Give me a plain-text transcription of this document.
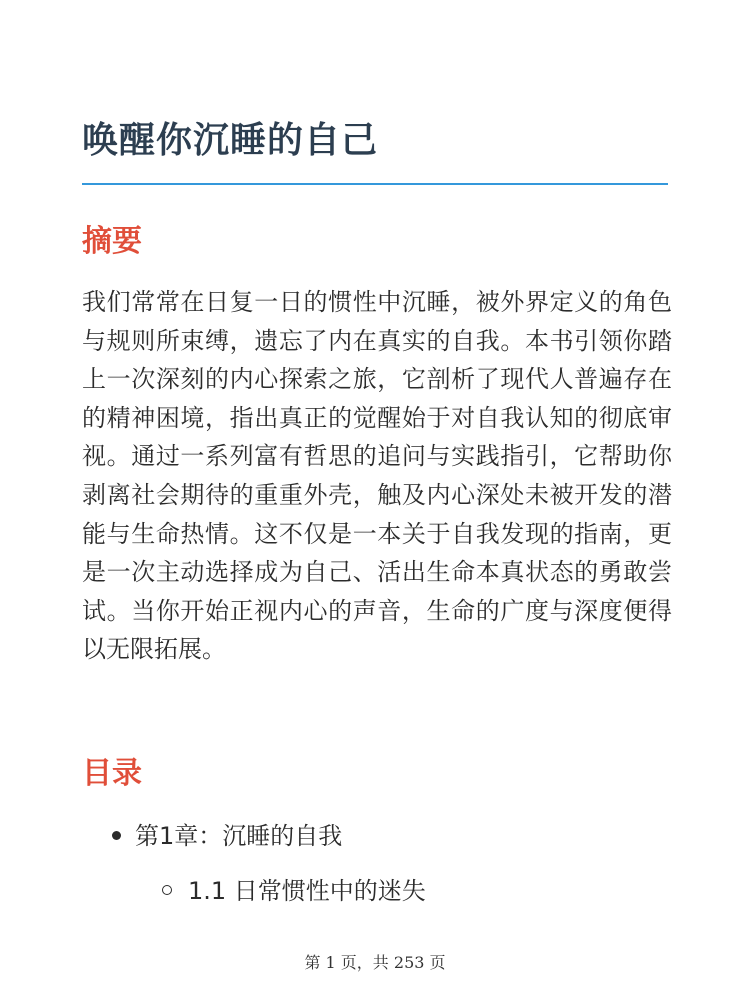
唤醒你沉睡的自己
摘要

我们常常在日复一日的惯性中沉睡，被外界定义的角色与规则所束缚，遗忘了内在真实的自我。本书引领你踏上一次深刻的内心探索之旅，它剖析了现代人普遍存在的精神困境，指出真正的觉醒始于对自我认知的彻底审视。通过一系列富有哲思的追问与实践指引，它帮助你剥离社会期待的重重外壳，触及内心深处未被开发的潜能与生命热情。这不仅是一本关于自我发现的指南，更是一次主动选择成为自己、活出生命本真状态的勇敢尝试。当你开始正视内心的声音，生命的广度与深度便得以无限拓展。

目录
第1章：沉睡的自我
1.1 日常惯性中的迷失
第 1 页，共 253 页
